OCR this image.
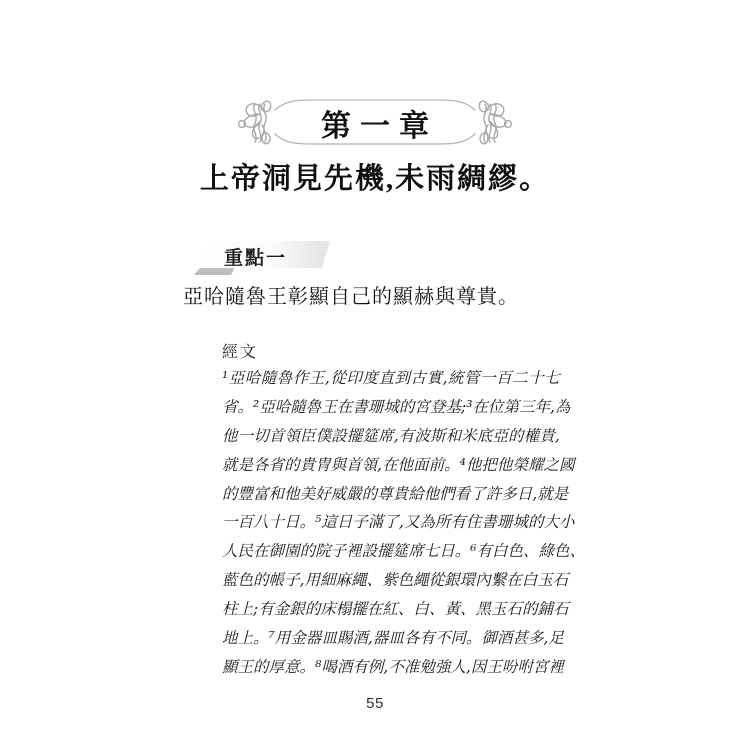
第一章
上帝洞見先機,未雨綢繆。
重點一
亞哈隨魯王彰顯自己的顯赫與尊貴。
經文
¹ 亞 哈 隨 魯 作 王 , 從 印 度 直 到 古 實 , 統 管 一 百 二 十 七
省 。 ² 亞 哈 隨 魯 王 在 書 珊 城 的 宮 登 基 ; ³ 在 位 第 三 年 , 為
他 一 切 首 領 臣 僕 設 擺 筵 席 , 有 波 斯 和 米 底 亞 的 權 貴 ,
就 是 各 省 的 貴 冑 與 首 領 , 在 他 面 前 。 ⁴ 他 把 他 榮 耀 之 國
的 豐 富 和 他 美 好 威 嚴 的 尊 貴 給 他 們 看 了 許 多 日 , 就 是
一 百 八 十 日 。 ⁵ 這 日 子 滿 了 , 又 為 所 有 住 書 珊 城 的 大 小
人 民 在 御 園 的 院 子 裡 設 擺 筵 席 七 日 。 ⁶ 有 白 色 、 綠 色 、
藍 色 的 帳 子 , 用 細 麻 繩 、 紫 色 繩 從 銀 環 內 繫 在 白 玉 石
柱 上 ; 有 金 銀 的 床 榻 擺 在 紅 、 白 、 黃 、 黑 玉 石 的 鋪 石
地 上 。 ⁷ 用 金 器 皿 賜 酒 , 器 皿 各 有 不 同 。 御 酒 甚 多 , 足
顯 王 的 厚 意 。 ⁸ 喝 酒 有 例 , 不 准 勉 強 人 , 因 王 吩 咐 宮 裡
55
